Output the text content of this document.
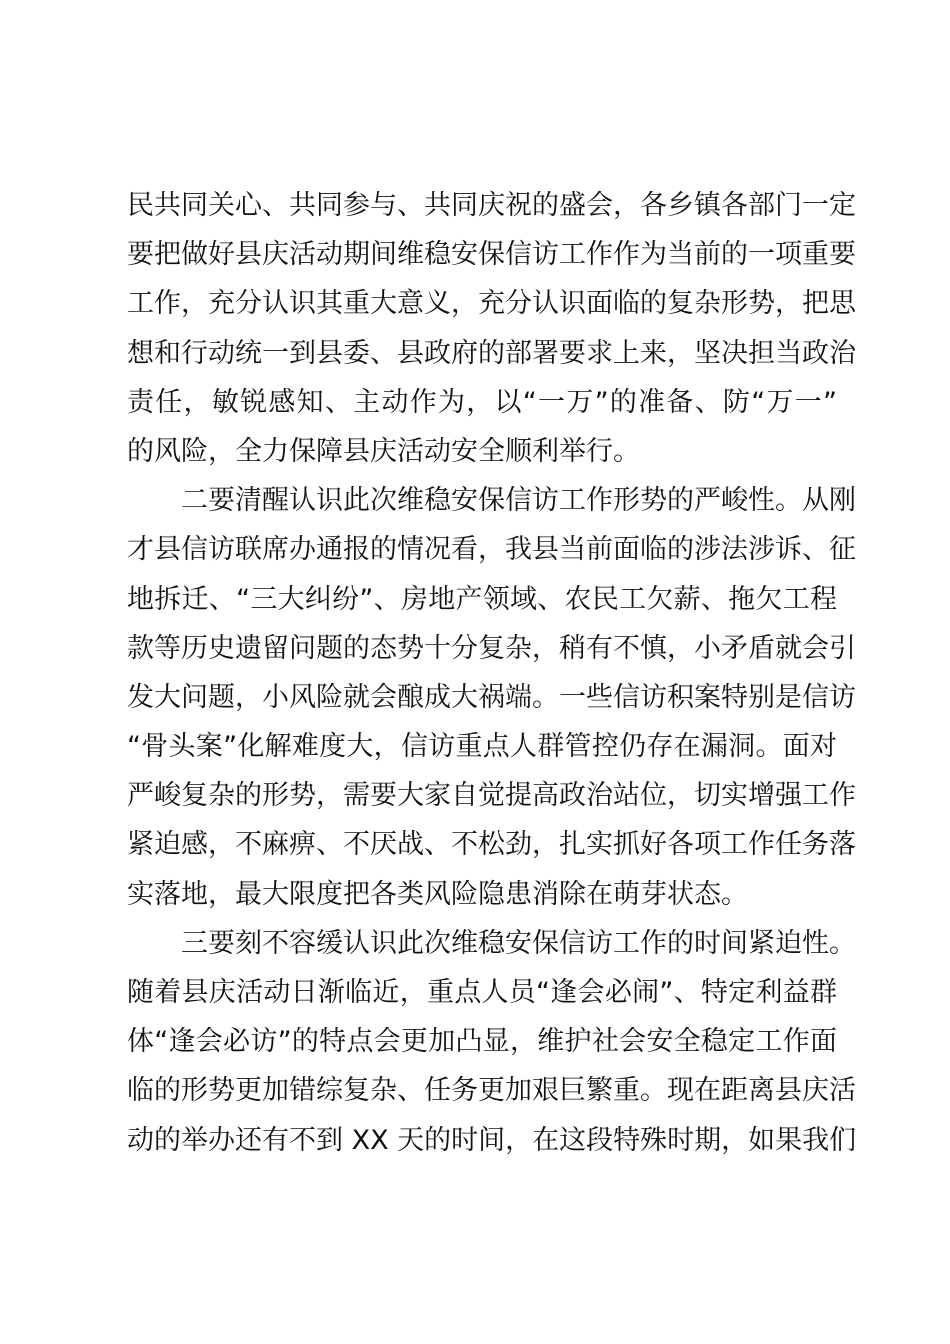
民共同关心、共同参与、共同庆祝的盛会，各乡镇各部门一定
要把做好县庆活动期间维稳安保信访工作作为当前的一项重要
工作，充分认识其重大意义，充分认识面临的复杂形势，把思
想和行动统一到县委、县政府的部署要求上来，坚决担当政治
责任，敏锐感知、主动作为，以“一万”的准备、防“万一”
的风险，全力保障县庆活动安全顺利举行。
二要清醒认识此次维稳安保信访工作形势的严峻性。从刚
才县信访联席办通报的情况看，我县当前面临的涉法涉诉、征
地拆迁、“三大纠纷”、房地产领域、农民工欠薪、拖欠工程
款等历史遗留问题的态势十分复杂，稍有不慎，小矛盾就会引
发大问题，小风险就会酿成大祸端。一些信访积案特别是信访
“骨头案”化解难度大，信访重点人群管控仍存在漏洞。面对
严峻复杂的形势，需要大家自觉提高政治站位，切实增强工作
紧迫感，不麻痹、不厌战、不松劲，扎实抓好各项工作任务落
实落地，最大限度把各类风险隐患消除在萌芽状态。
三要刻不容缓认识此次维稳安保信访工作的时间紧迫性。
随着县庆活动日渐临近，重点人员“逢会必闹”、特定利益群
体“逢会必访”的特点会更加凸显，维护社会安全稳定工作面
临的形势更加错综复杂、任务更加艰巨繁重。现在距离县庆活
动的举办还有不到 XX 天的时间，在这段特殊时期，如果我们
